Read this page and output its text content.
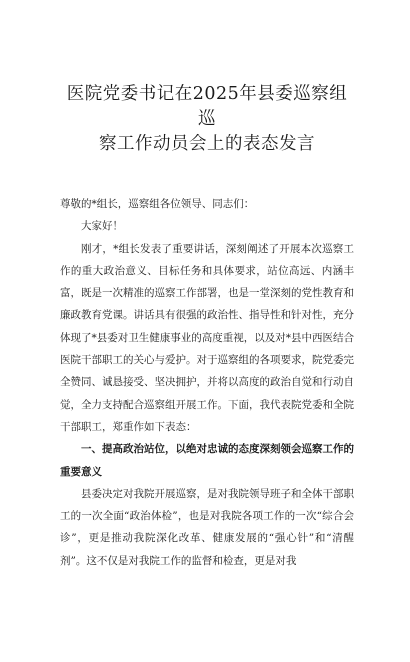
医院党委书记在2025年县委巡察组巡
察工作动员会上的表态发言

尊敬的*组长，巡察组各位领导、同志们：

大家好！

刚才，*组长发表了重要讲话，深刻阐述了开展本次巡察工作的重大政治意义、目标任务和具体要求，站位高远、内涵丰富，既是一次精准的巡察工作部署，也是一堂深刻的党性教育和廉政教育党课。讲话具有很强的政治性、指导性和针对性，充分体现了*县委对卫生健康事业的高度重视，以及对*县中西医结合医院干部职工的关心与爱护。对于巡察组的各项要求，院党委完全赞同、诚恳接受、坚决拥护，并将以高度的政治自觉和行动自觉，全力支持配合巡察组开展工作。下面，我代表院党委和全院干部职工，郑重作如下表态：

一、提高政治站位，以绝对忠诚的态度深刻领会巡察工作的重要意义

县委决定对我院开展巡察，是对我院领导班子和全体干部职工的一次全面“政治体检”，也是对我院各项工作的一次“综合会诊”，更是推动我院深化改革、健康发展的“强心针”和“清醒剂”。这不仅是对我院工作的监督和检查，更是对我
